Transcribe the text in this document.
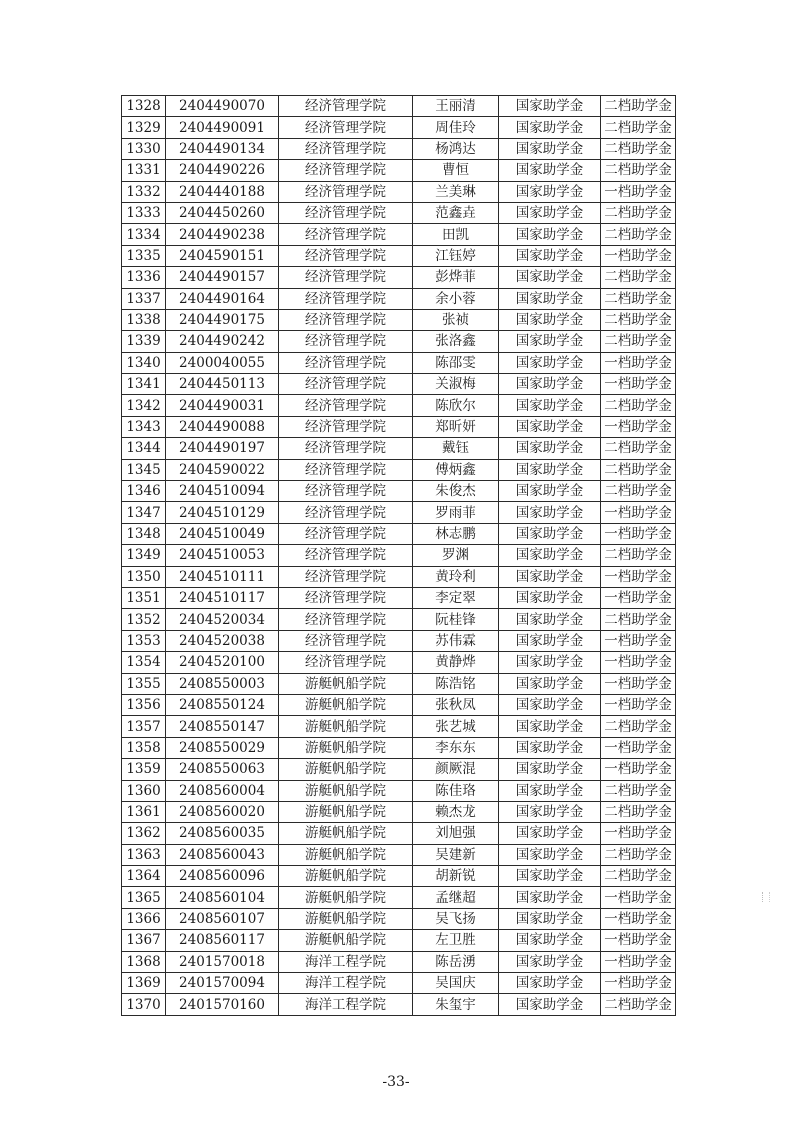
1328	2404490070	经济管理学院	王丽清	国家助学金	二档助学金
1329	2404490091	经济管理学院	周佳玲	国家助学金	二档助学金
1330	2404490134	经济管理学院	杨鸿达	国家助学金	二档助学金
1331	2404490226	经济管理学院	曹恒	国家助学金	二档助学金
1332	2404440188	经济管理学院	兰美琳	国家助学金	一档助学金
1333	2404450260	经济管理学院	范鑫垚	国家助学金	二档助学金
1334	2404490238	经济管理学院	田凯	国家助学金	二档助学金
1335	2404590151	经济管理学院	江钰婷	国家助学金	一档助学金
1336	2404490157	经济管理学院	彭烨菲	国家助学金	二档助学金
1337	2404490164	经济管理学院	余小蓉	国家助学金	二档助学金
1338	2404490175	经济管理学院	张祯	国家助学金	二档助学金
1339	2404490242	经济管理学院	张洛鑫	国家助学金	二档助学金
1340	2400040055	经济管理学院	陈邵雯	国家助学金	一档助学金
1341	2404450113	经济管理学院	关淑梅	国家助学金	一档助学金
1342	2404490031	经济管理学院	陈欣尔	国家助学金	二档助学金
1343	2404490088	经济管理学院	郑昕妍	国家助学金	一档助学金
1344	2404490197	经济管理学院	戴钰	国家助学金	二档助学金
1345	2404590022	经济管理学院	傅炳鑫	国家助学金	二档助学金
1346	2404510094	经济管理学院	朱俊杰	国家助学金	二档助学金
1347	2404510129	经济管理学院	罗雨菲	国家助学金	一档助学金
1348	2404510049	经济管理学院	林志鹏	国家助学金	一档助学金
1349	2404510053	经济管理学院	罗渊	国家助学金	二档助学金
1350	2404510111	经济管理学院	黄玲利	国家助学金	一档助学金
1351	2404510117	经济管理学院	李定翠	国家助学金	一档助学金
1352	2404520034	经济管理学院	阮桂锋	国家助学金	二档助学金
1353	2404520038	经济管理学院	苏伟霖	国家助学金	一档助学金
1354	2404520100	经济管理学院	黄静烨	国家助学金	一档助学金
1355	2408550003	游艇帆船学院	陈浩铭	国家助学金	一档助学金
1356	2408550124	游艇帆船学院	张秋凤	国家助学金	一档助学金
1357	2408550147	游艇帆船学院	张艺城	国家助学金	二档助学金
1358	2408550029	游艇帆船学院	李东东	国家助学金	一档助学金
1359	2408550063	游艇帆船学院	颜厥混	国家助学金	一档助学金
1360	2408560004	游艇帆船学院	陈佳珞	国家助学金	二档助学金
1361	2408560020	游艇帆船学院	赖杰龙	国家助学金	二档助学金
1362	2408560035	游艇帆船学院	刘旭强	国家助学金	一档助学金
1363	2408560043	游艇帆船学院	吴建新	国家助学金	二档助学金
1364	2408560096	游艇帆船学院	胡新锐	国家助学金	二档助学金
1365	2408560104	游艇帆船学院	孟继超	国家助学金	一档助学金
1366	2408560107	游艇帆船学院	吴飞扬	国家助学金	一档助学金
1367	2408560117	游艇帆船学院	左卫胜	国家助学金	一档助学金
1368	2401570018	海洋工程学院	陈岳湧	国家助学金	一档助学金
1369	2401570094	海洋工程学院	吴国庆	国家助学金	一档助学金
1370	2401570160	海洋工程学院	朱玺宇	国家助学金	二档助学金
-33-
